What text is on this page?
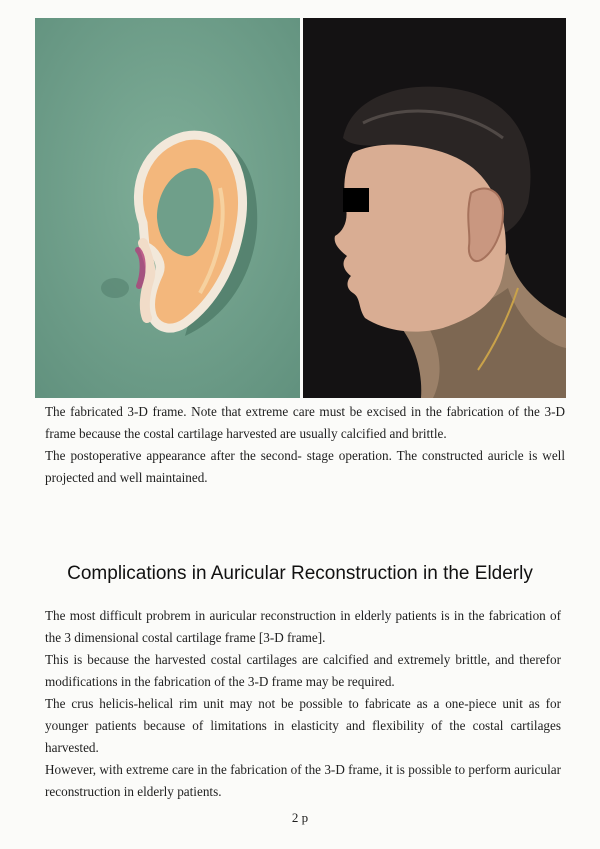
The fabricated 3-D frame. Note that extreme care must be excised in the fabrication of the 3-D frame because the costal cartilage harvested are usually calcified and brittle.
The postoperative appearance after the second- stage operation. The constructed auricle is well projected and well maintained.
Complications in Auricular Reconstruction in the Elderly
The most difficult probrem in auricular reconstruction in elderly patients is in the fabrication of the 3 dimensional costal cartilage frame [3-D frame].
This is because the harvested costal cartilages are calcified and extremely brittle, and therefor modifications in the fabrication of the 3-D frame may be required.
The crus helicis-helical rim unit may not be possible to fabricate as a one-piece unit as for younger patients because of limitations in elasticity and flexibility of the costal cartilages harvested.
However, with extreme care in the fabrication of the 3-D frame, it is possible to perform auricular reconstruction in elderly patients.
2 p
